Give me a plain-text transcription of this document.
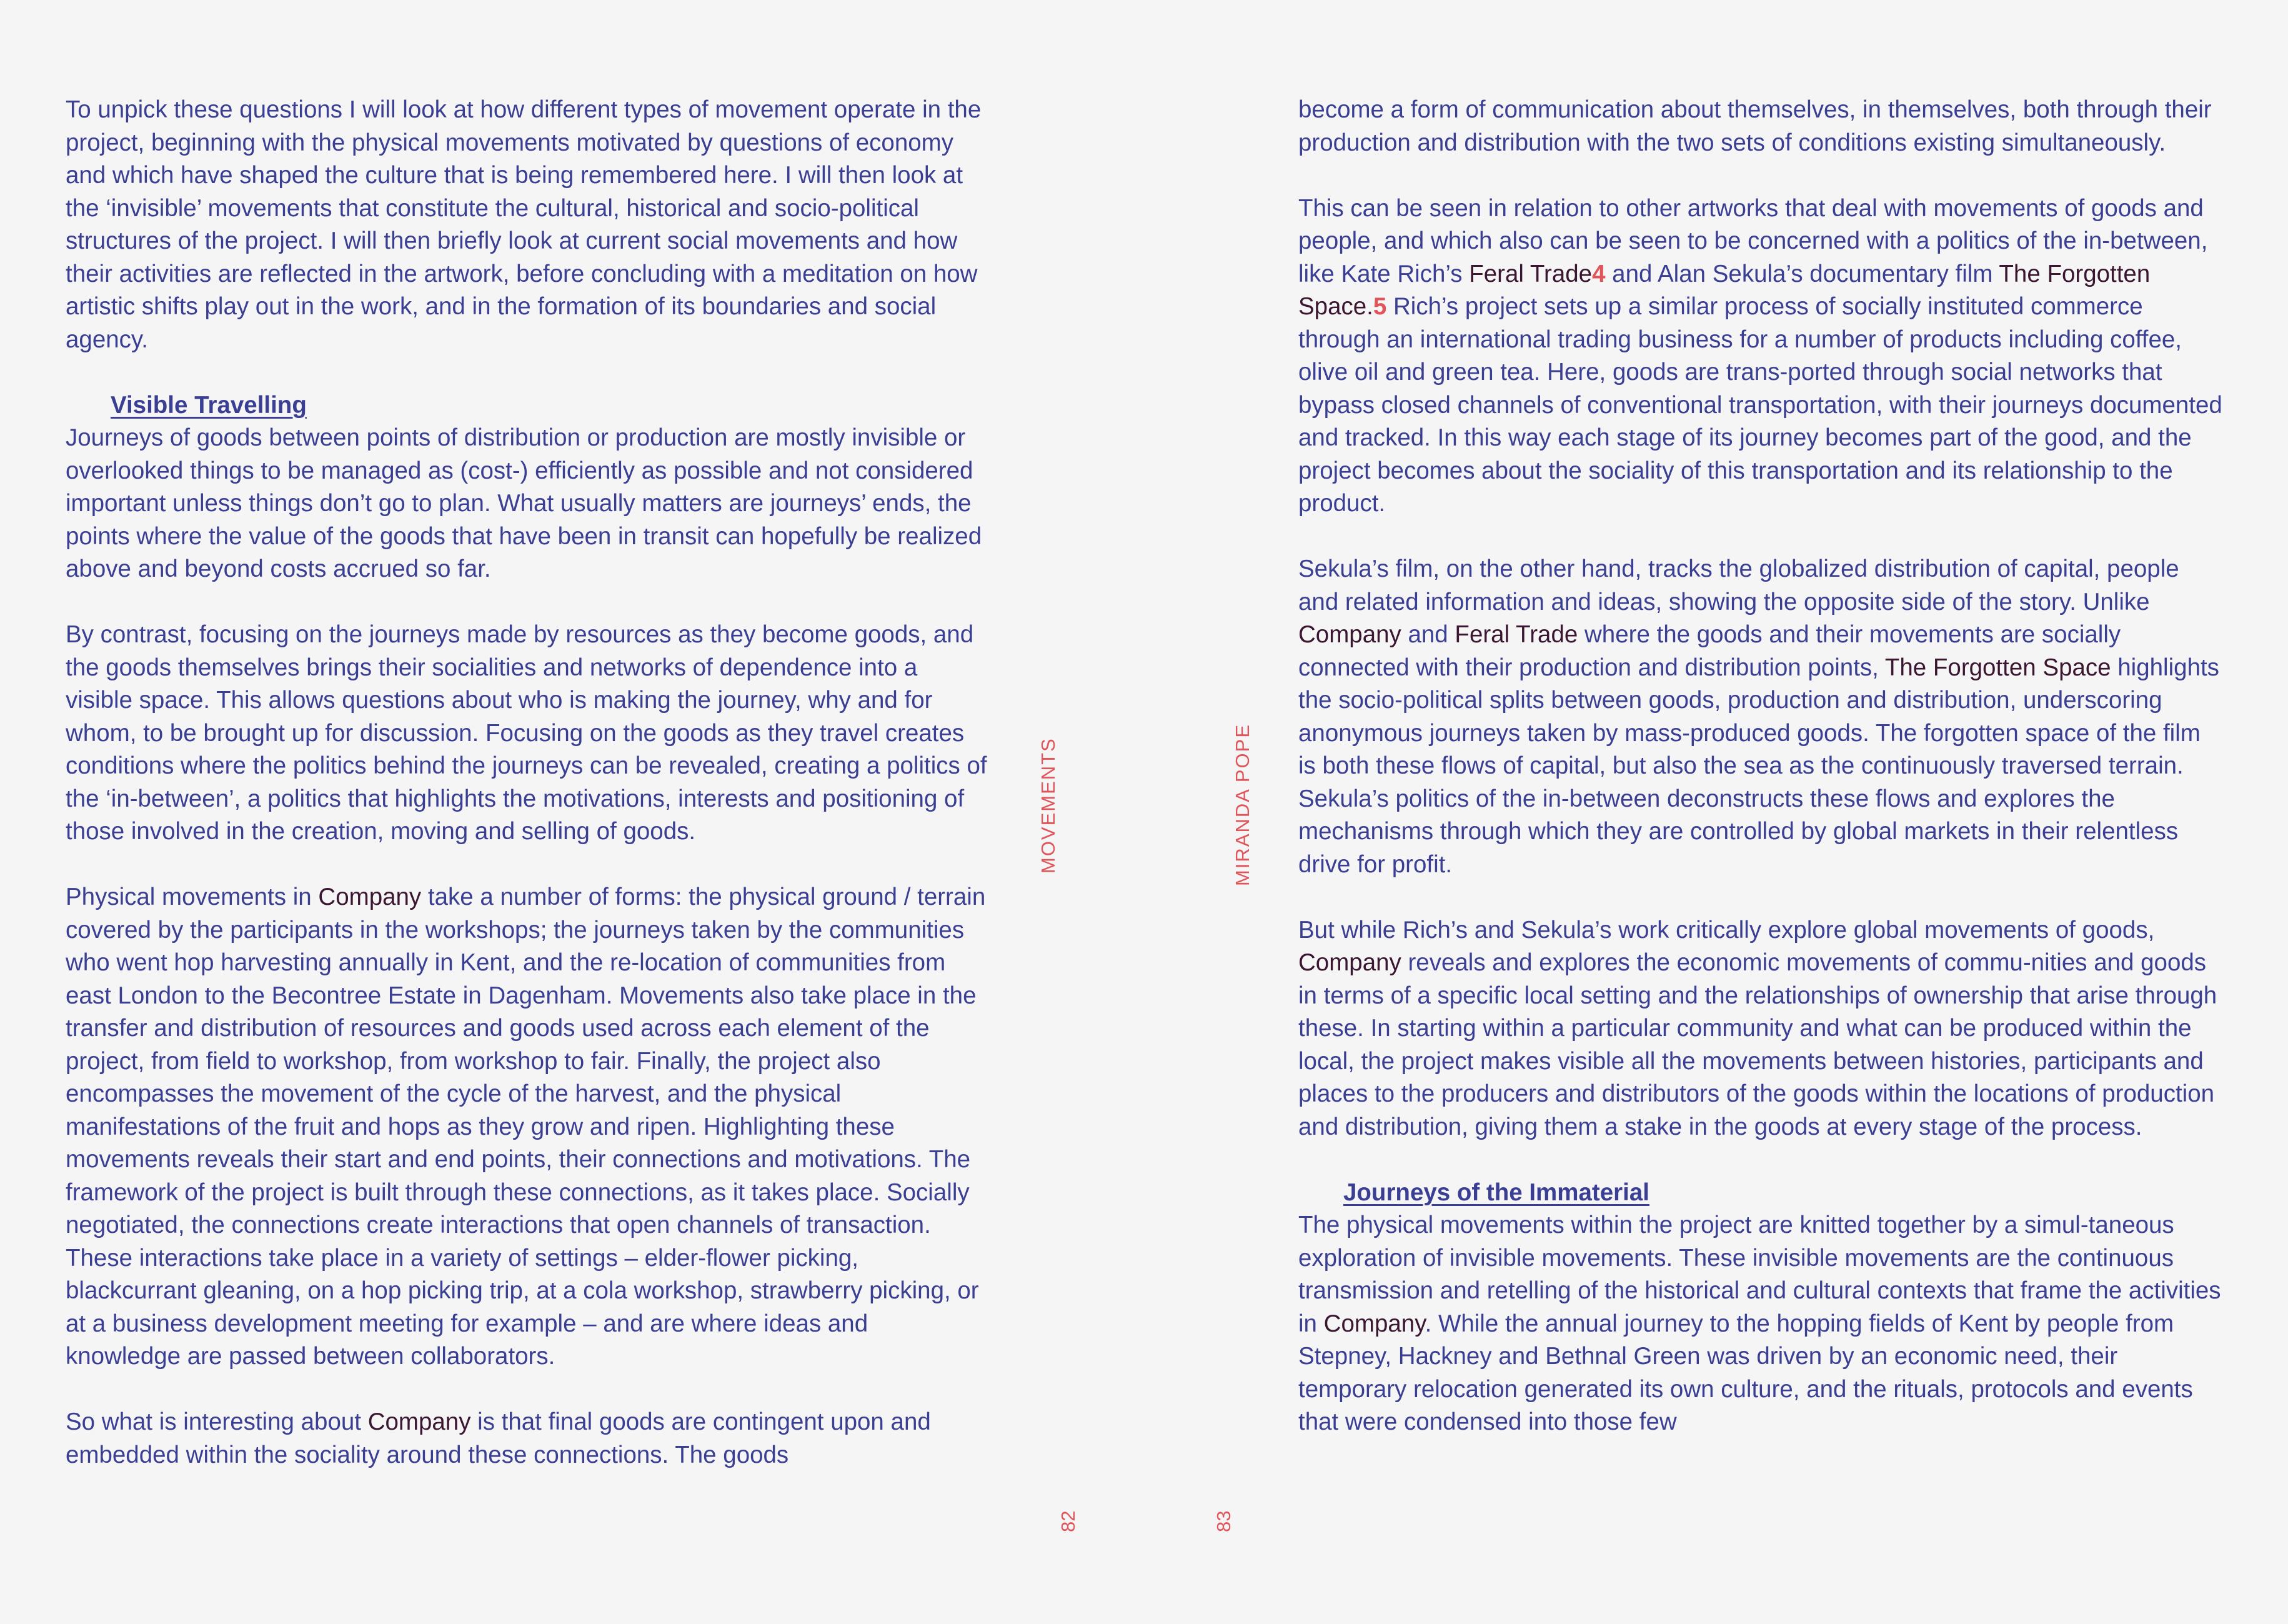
To unpick these questions I will look at how different types of movement operate in the project, beginning with the physical movements motivated by questions of economy and which have shaped the culture that is being remembered here. I will then look at the ‘invisible’ movements that constitute the cultural, historical and socio-political structures of the project. I will then briefly look at current social movements and how their activities are reflected in the artwork, before concluding with a meditation on how artistic shifts play out in the work, and in the formation of its boundaries and social agency.

Visible Travelling

Journeys of goods between points of distribution or production are mostly invisible or overlooked things to be managed as (cost-) efficiently as possible and not considered important unless things don’t go to plan. What usually matters are journeys’ ends, the points where the value of the goods that have been in transit can hopefully be realized above and beyond costs accrued so far.

By contrast, focusing on the journeys made by resources as they become goods, and the goods themselves brings their socialities and networks of dependence into a visible space. This allows questions about who is making the journey, why and for whom, to be brought up for discussion. Focusing on the goods as they travel creates conditions where the politics behind the journeys can be revealed, creating a politics of the ‘in-between’, a politics that highlights the motivations, interests and positioning of those involved in the creation, moving and selling of goods.

Physical movements in Company take a number of forms: the physical ground / terrain covered by the participants in the workshops; the journeys taken by the communities who went hop harvesting annually in Kent, and the re-location of communities from east London to the Becontree Estate in Dagenham. Movements also take place in the transfer and distribution of resources and goods used across each element of the project, from field to workshop, from workshop to fair. Finally, the project also encompasses the movement of the cycle of the harvest, and the physical manifestations of the fruit and hops as they grow and ripen. Highlighting these movements reveals their start and end points, their connections and motivations. The framework of the project is built through these connections, as it takes place. Socially negotiated, the connections create interactions that open channels of transaction. These interactions take place in a variety of settings – elder-flower picking, blackcurrant gleaning, on a hop picking trip, at a cola workshop, strawberry picking, or at a business development meeting for example – and are where ideas and knowledge are passed between collaborators.

So what is interesting about Company is that final goods are contingent upon and embedded within the sociality around these connections. The goods

MOVEMENTS
82	83
MIRANDA POPE

become a form of communication about themselves, in themselves, both through their production and distribution with the two sets of conditions existing simultaneously.

This can be seen in relation to other artworks that deal with movements of goods and people, and which also can be seen to be concerned with a politics of the in-between, like Kate Rich’s Feral Trade4 and Alan Sekula’s documentary film The Forgotten Space.5 Rich’s project sets up a similar process of socially instituted commerce through an international trading business for a number of products including coffee, olive oil and green tea. Here, goods are trans-ported through social networks that bypass closed channels of conventional transportation, with their journeys documented and tracked. In this way each stage of its journey becomes part of the good, and the project becomes about the sociality of this transportation and its relationship to the product.

Sekula’s film, on the other hand, tracks the globalized distribution of capital, people and related information and ideas, showing the opposite side of the story. Unlike Company and Feral Trade where the goods and their movements are socially connected with their production and distribution points, The Forgotten Space highlights the socio-political splits between goods, production and distribution, underscoring anonymous journeys taken by mass-produced goods. The forgotten space of the film is both these flows of capital, but also the sea as the continuously traversed terrain. Sekula’s politics of the in-between deconstructs these flows and explores the mechanisms through which they are controlled by global markets in their relentless drive for profit.

But while Rich’s and Sekula’s work critically explore global movements of goods, Company reveals and explores the economic movements of commu-nities and goods in terms of a specific local setting and the relationships of ownership that arise through these. In starting within a particular community and what can be produced within the local, the project makes visible all the movements between histories, participants and places to the producers and distributors of the goods within the locations of production and distribution, giving them a stake in the goods at every stage of the process.

Journeys of the Immaterial

The physical movements within the project are knitted together by a simul-taneous exploration of invisible movements. These invisible movements are the continuous transmission and retelling of the historical and cultural contexts that frame the activities in Company. While the annual journey to the hopping fields of Kent by people from Stepney, Hackney and Bethnal Green was driven by an economic need, their temporary relocation generated its own culture, and the rituals, protocols and events that were condensed into those few
